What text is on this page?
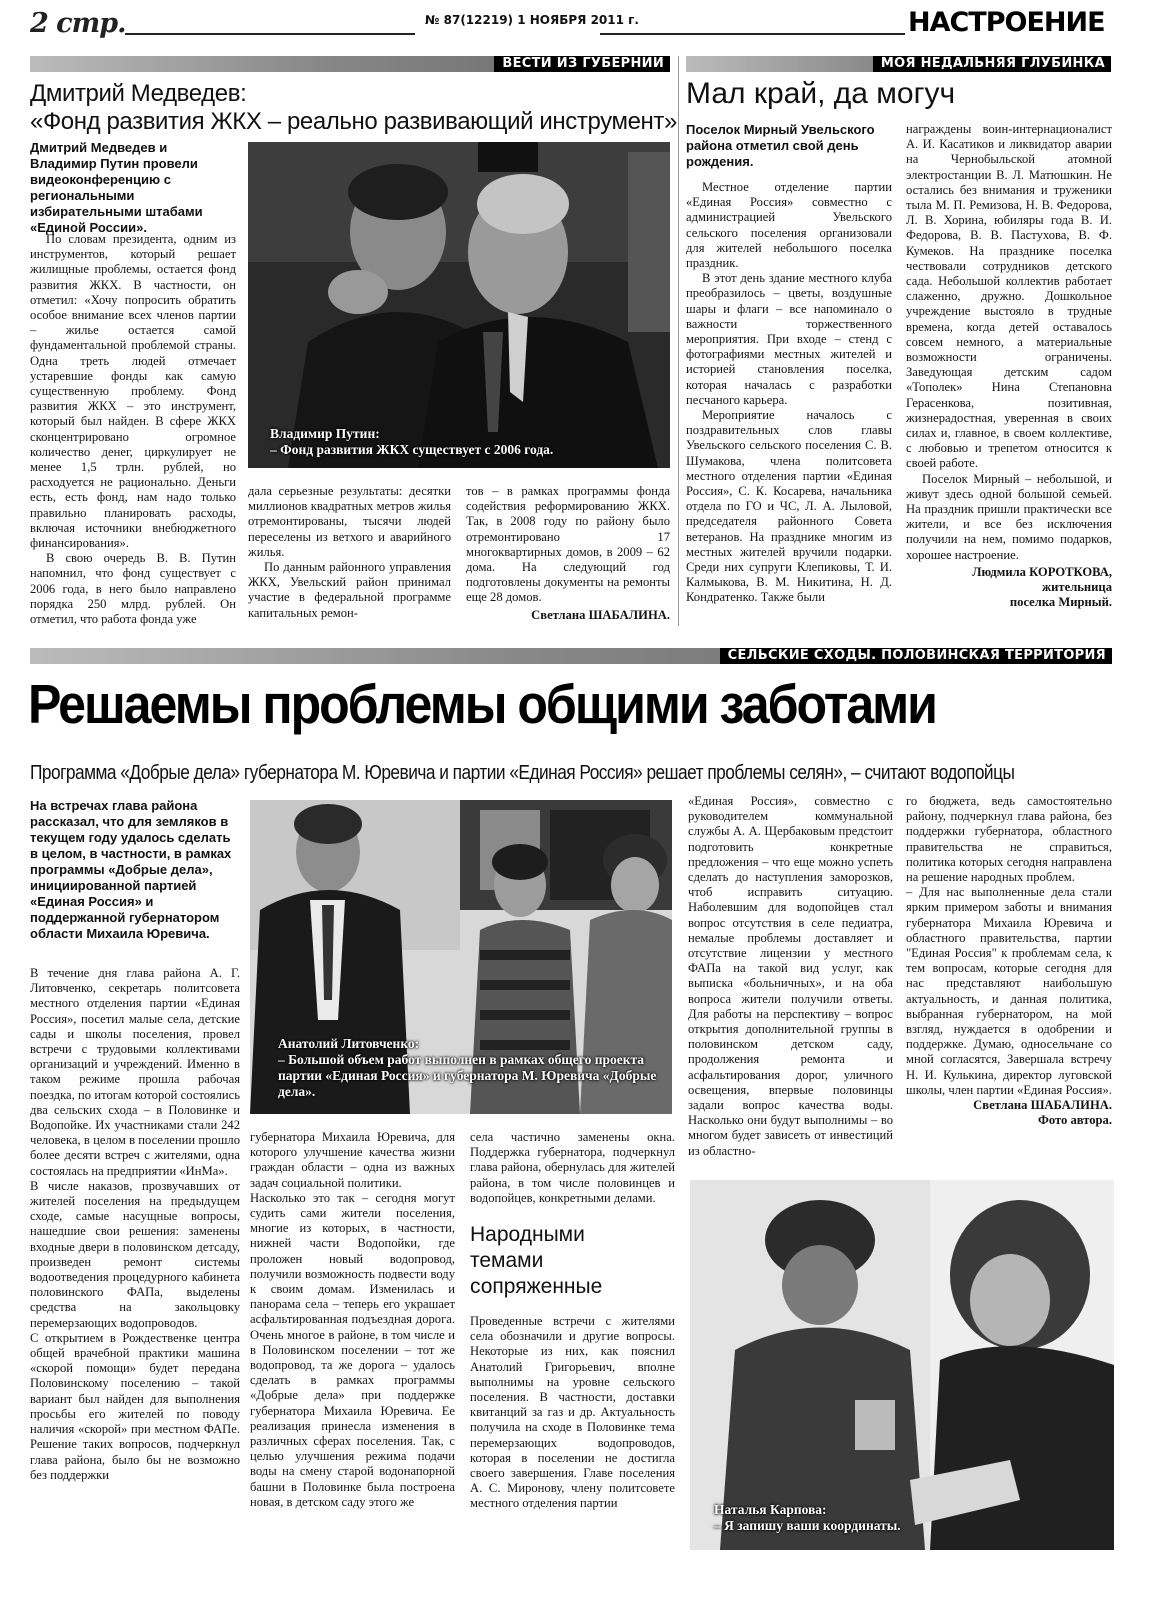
2 стр.	№ 87(12219) 1 НОЯБРЯ 2011 г.	НАСТРОЕНИЕ
ВЕСТИ ИЗ ГУБЕРНИИ
Дмитрий Медведев:
«Фонд развития ЖКХ – реально развивающий инструмент»
Дмитрий Медведев и Владимир Путин провели видеоконференцию с региональными избирательными штабами «Единой России».
Владимир Путин:
– Фонд развития ЖКХ существует с 2006 года.

По словам президента, одним из инструментов, который решает жилищные проблемы, остается фонд развития ЖКХ. В частности, он отметил: «Хочу попросить обратить особое внимание всех членов партии – жилье остается самой фундаментальной проблемой страны. Одна треть людей отмечает устаревшие фонды как самую существенную проблему. Фонд развития ЖКХ – это инструмент, который был найден. В сфере ЖКХ сконцентрировано огромное количество денег, циркулирует не менее 1,5 трлн. рублей, но расходуется не рационально. Деньги есть, есть фонд, нам надо только правильно планировать расходы, включая источники внебюджетного финансирования».

В свою очередь В. В. Путин напомнил, что фонд существует с 2006 года, в него было направлено порядка 250 млрд. рублей. Он отметил, что работа фонда уже

дала серьезные результаты: десятки миллионов квадратных метров жилья отремонтированы, тысячи людей переселены из ветхого и аварийного жилья.

По данным районного управления ЖКХ, Увельский район принимал участие в федеральной программе капитальных ремон-

тов – в рамках программы фонда содействия реформированию ЖКХ. Так, в 2008 году по району было отремонтировано 17 многоквартирных домов, в 2009 – 62 дома. На следующий год подготовлены документы на ремонты еще 28 домов.

Светлана ШАБАЛИНА.
МОЯ НЕДАЛЬНЯЯ ГЛУБИНКА
Мал край, да могуч
Поселок Мирный Увельского района отметил свой день рождения.

Местное отделение партии «Единая Россия» совместно с администрацией Увельского сельского поселения организовали для жителей небольшого поселка праздник.

В этот день здание местного клуба преобразилось – цветы, воздушные шары и флаги – все напоминало о важности торжественного мероприятия. При входе – стенд с фотографиями местных жителей и историей становления поселка, которая началась с разработки песчаного карьера.

Мероприятие началось с поздравительных слов главы Увельского сельского поселения С. В. Шумакова, члена политсовета местного отделения партии «Единая Россия», С. К. Косарева, начальника отдела по ГО и ЧС, Л. А. Лыловой, председателя районного Совета ветеранов. На празднике многим из местных жителей вручили подарки. Среди них супруги Клепиковы, Т. И. Калмыкова, В. М. Никитина, Н. Д. Кондратенко. Также были

награждены воин-интернационалист А. И. Касатиков и ликвидатор аварии на Чернобыльской атомной электростанции В. Л. Матюшкин. Не остались без внимания и труженики тыла М. П. Ремизова, Н. В. Федорова, Л. В. Хорина, юбиляры года В. И. Федорова, В. В. Пастухова, В. Ф. Кумеков. На празднике поселка чествовали сотрудников детского сада. Небольшой коллектив работает слаженно, дружно. Дошкольное учреждение выстояло в трудные времена, когда детей оставалось совсем немного, а материальные возможности ограничены. Заведующая детским садом «Тополек» Нина Степановна Герасенкова, позитивная, жизнерадостная, уверенная в своих силах и, главное, в своем коллективе, с любовью и трепетом относится к своей работе.

Поселок Мирный – небольшой, и живут здесь одной большой семьей. На праздник пришли практически все жители, и все без исключения получили на нем, помимо подарков, хорошее настроение.

Людмила КОРОТКОВА,
жительница
поселка Мирный.
СЕЛЬСКИЕ СХОДЫ. ПОЛОВИНСКАЯ ТЕРРИТОРИЯ
Решаемы проблемы общими заботами
Программа «Добрые дела» губернатора М. Юревича и партии «Единая Россия» решает проблемы селян», – считают водопойцы
На встречах глава района рассказал, что для земляков в текущем году удалось сделать в целом, в частности, в рамках программы «Добрые дела», инициированной партией «Единая Россия» и поддержанной губернатором области Михаила Юревича.
Анатолий Литовченко:
– Большой объем работ выполнен в рамках общего проекта партии «Единая Россия» и губернатора М. Юревича «Добрые дела».

В течение дня глава района А. Г. Литовченко, секретарь политсовета местного отделения партии «Единая Россия», посетил малые села, детские сады и школы поселения, провел встречи с трудовыми коллективами организаций и учреждений. Именно в таком режиме прошла рабочая поездка, по итогам которой состоялись два сельских схода – в Половинке и Водопойке. Их участниками стали 242 человека, в целом в поселении прошло более десяти встреч с жителями, одна состоялась на предприятии «ИнМа».

В числе наказов, прозвучавших от жителей поселения на предыдущем сходе, самые насущные вопросы, нашедшие свои решения: заменены входные двери в половинском детсаду, произведен ремонт системы водоотведения процедурного кабинета половинского ФАПа, выделены средства на закольцовку перемерзающих водопроводов.

С открытием в Рождественке центра общей врачебной практики машина «скорой помощи» будет передана Половинскому поселению – такой вариант был найден для выполнения просьбы его жителей по поводу наличия «скорой» при местном ФАПе. Решение таких вопросов, подчеркнул глава района, было бы не возможно без поддержки

губернатора Михаила Юревича, для которого улучшение качества жизни граждан области – одна из важных задач социальной политики.

Насколько это так – сегодня могут судить сами жители поселения, многие из которых, в частности, нижней части Водопойки, где проложен новый водопровод, получили возможность подвести воду к своим домам. Изменилась и панорама села – теперь его украшает асфальтированная подъездная дорога. Очень многое в районе, в том числе и в Половинском поселении – тот же водопровод, та же дорога – удалось сделать в рамках программы «Добрые дела» при поддержке губернатора Михаила Юревича. Ее реализация принесла изменения в различных сферах поселения. Так, с целью улучшения режима подачи воды на смену старой водонапорной башни в Половинке была построена новая, в детском саду этого же

села частично заменены окна. Поддержка губернатора, подчеркнул глава района, обернулась для жителей района, в том числе половинцев и водопойцев, конкретными делами.

Народными
темами
сопряженные

Проведенные встречи с жителями села обозначили и другие вопросы. Некоторые из них, как пояснил Анатолий Григорьевич, вполне выполнимы на уровне сельского поселения. В частности, доставки квитанций за газ и др. Актуальность получила на сходе в Половинке тема перемерзающих водопроводов, которая в поселении не достигла своего завершения. Главе поселения А. С. Миронову, члену политсовете местного отделения партии

«Единая Россия», совместно с руководителем коммунальной службы А. А. Щербаковым предстоит подготовить конкретные предложения – что еще можно успеть сделать до наступления заморозков, чтоб исправить ситуацию. Наболевшим для водопойцев стал вопрос отсутствия в селе педиатра, немалые проблемы доставляет и отсутствие лицензии у местного ФАПа на такой вид услуг, как выписка «больничных», и на оба вопроса жители получили ответы. Для работы на перспективу – вопрос открытия дополнительной группы в половинском детском саду, продолжения ремонта и асфальтирования дорог, уличного освещения, впервые половинцы задали вопрос качества воды. Насколько они будут выполнимы – во многом будет зависеть от инвестиций из областно-

го бюджета, ведь самостоятельно району, подчеркнул глава района, без поддержки губернатора, областного правительства не справиться, политика которых сегодня направлена на решение народных проблем.

– Для нас выполненные дела стали ярким примером заботы и внимания губернатора Михаила Юревича и областного правительства, партии "Единая Россия" к проблемам села, к тем вопросам, которые сегодня для нас представляют наибольшую актуальность, и данная политика, выбранная губернатором, на мой взгляд, нуждается в одобрении и поддержке. Думаю, односельчане со мной согласятся, Завершала встречу Н. И. Кулькина, директор луговской школы, член партии «Единая Россия».

Светлана ШАБАЛИНА.
Фото автора.
Наталья Карпова:
– Я запишу ваши координаты.
